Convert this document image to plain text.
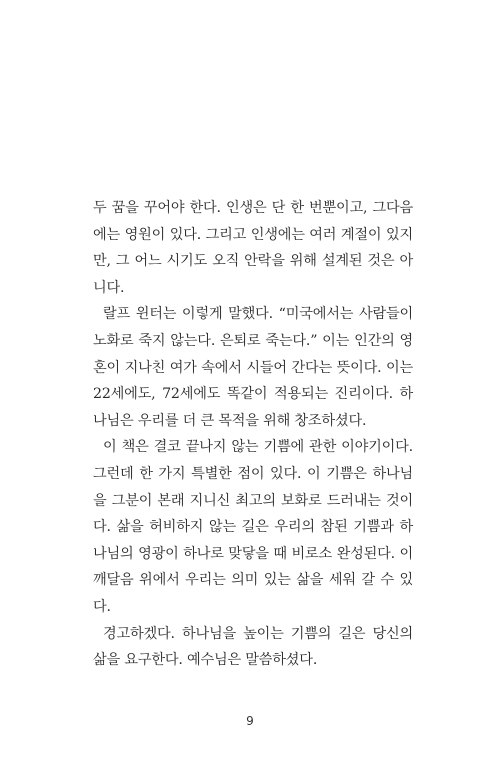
두 꿈을 꾸어야 한다. 인생은 단 한 번뿐이고, 그다음에는 영원이 있다. 그리고 인생에는 여러 계절이 있지만, 그 어느 시기도 오직 안락을 위해 설계된 것은 아니다.

랄프 윈터는 이렇게 말했다. “미국에서는 사람들이 노화로 죽지 않는다. 은퇴로 죽는다.” 이는 인간의 영혼이 지나친 여가 속에서 시들어 간다는 뜻이다. 이는 22세에도, 72세에도 똑같이 적용되는 진리이다. 하나님은 우리를 더 큰 목적을 위해 창조하셨다.

이 책은 결코 끝나지 않는 기쁨에 관한 이야기이다. 그런데 한 가지 특별한 점이 있다. 이 기쁨은 하나님을 그분이 본래 지니신 최고의 보화로 드러내는 것이다. 삶을 허비하지 않는 길은 우리의 참된 기쁨과 하나님의 영광이 하나로 맞닿을 때 비로소 완성된다. 이 깨달음 위에서 우리는 의미 있는 삶을 세워 갈 수 있다.

경고하겠다. 하나님을 높이는 기쁨의 길은 당신의 삶을 요구한다. 예수님은 말씀하셨다.

9
